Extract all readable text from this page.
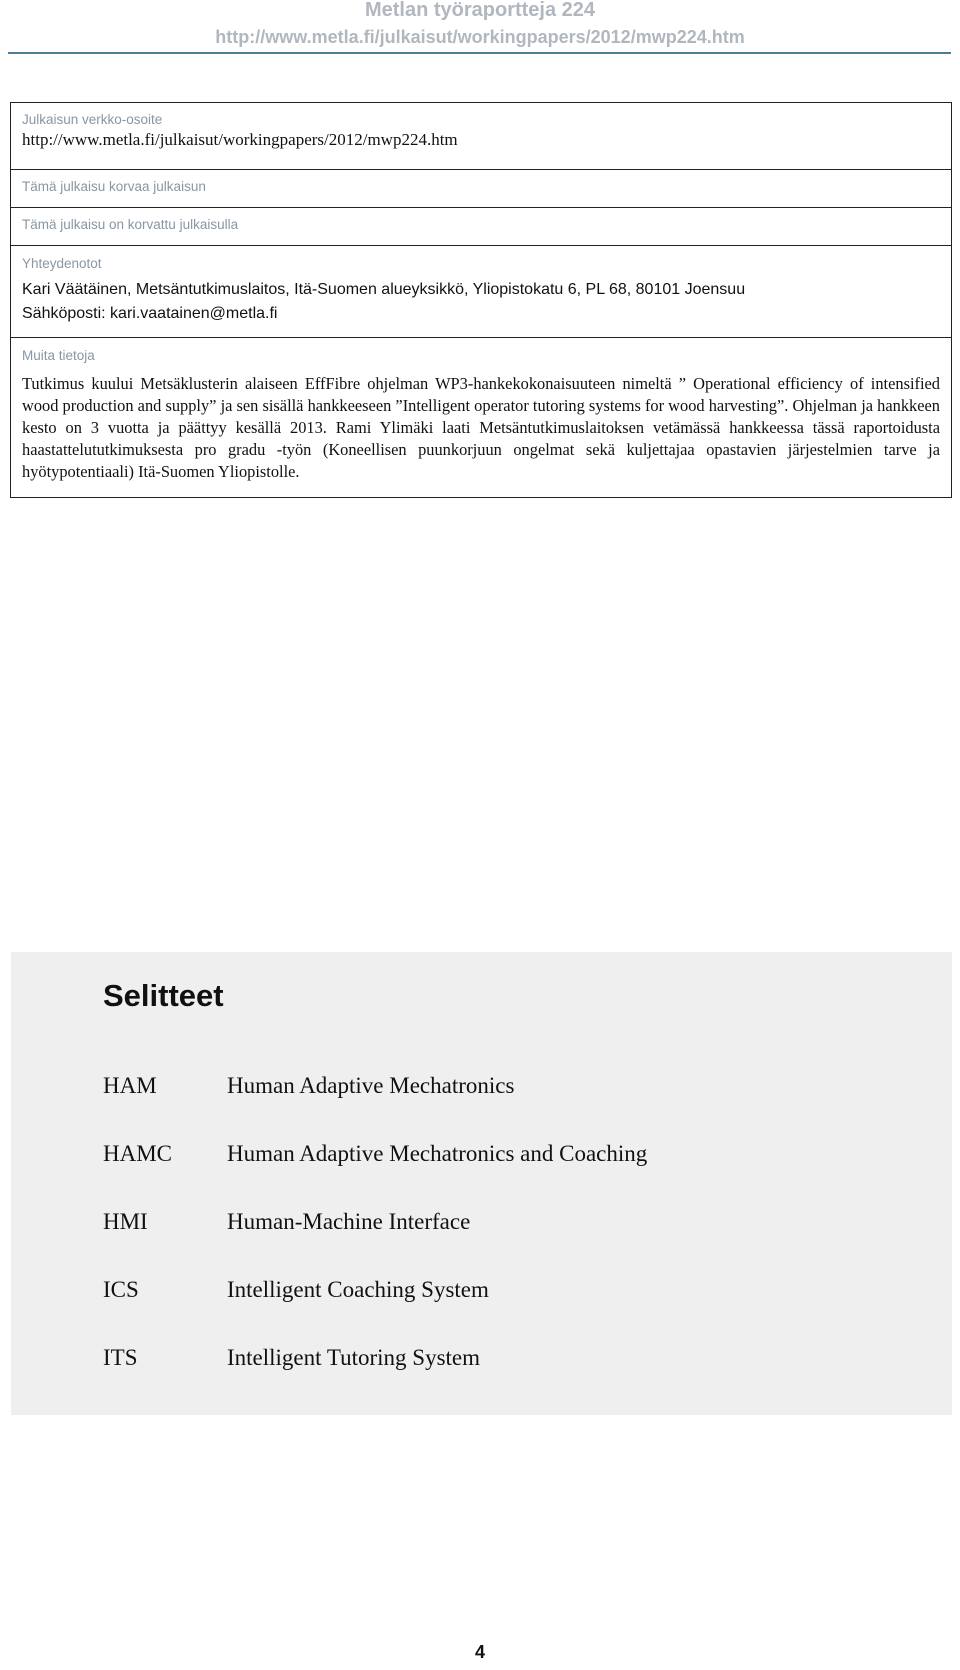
Metlan työraportteja 224
http://www.metla.fi/julkaisut/workingpapers/2012/mwp224.htm
Julkaisun verkko-osoite
http://www.metla.fi/julkaisut/workingpapers/2012/mwp224.htm
Tämä julkaisu korvaa julkaisun
Tämä julkaisu on korvattu julkaisulla
Yhteydenotot
Kari Väätäinen, Metsäntutkimuslaitos, Itä-Suomen alueyksikkö, Yliopistokatu 6, PL 68, 80101 Joensuu
Sähköposti: kari.vaatainen@metla.fi
Muita tietoja
Tutkimus kuului Metsäklusterin alaiseen EffFibre ohjelman WP3-hankekokonaisuuteen nimeltä ” Operational efficiency of intensified wood production and supply” ja sen sisällä hankkeeseen ”Intelligent operator tutoring systems for wood harvesting”. Ohjelman ja hankkeen kesto on 3 vuotta ja päättyy kesällä 2013. Rami Ylimäki laati Metsäntutkimuslaitoksen vetämässä hankkeessa tässä raportoidusta haastattelututkimuksesta pro gradu -työn (Koneellisen puunkorjuun ongelmat sekä kuljettajaa opastavien järjestelmien tarve ja hyötypotentiaali) Itä-Suomen Yliopistolle.
Selitteet
HAM	Human Adaptive Mechatronics
HAMC Human Adaptive Mechatronics and Coaching
HMI	Human-Machine Interface
ICS	Intelligent Coaching System
ITS	Intelligent Tutoring System
4
